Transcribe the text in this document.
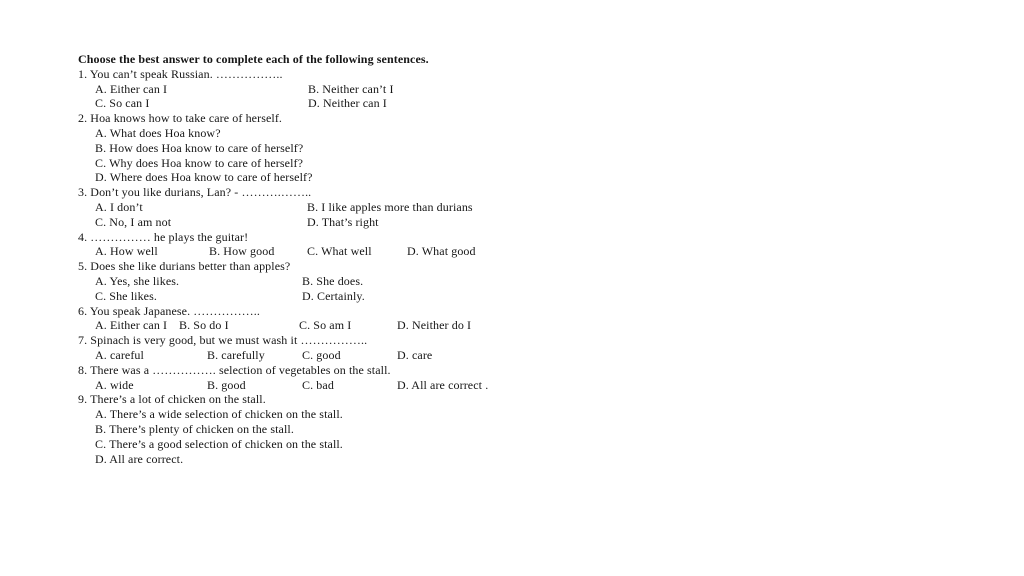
Choose the best answer to complete each of the following sentences.
1. You can’t speak Russian. ……………..
A. Either can I	B. Neither can’t I
C. So can I	D. Neither can I
2. Hoa knows how to take care of herself.
A. What does Hoa know?
B. How does Hoa know to care of herself?
C. Why does Hoa know to care of herself?
D. Where does Hoa know to care of herself?
3. Don’t you like durians, Lan? - ……….……..
A. I don’t	B. I like apples more than durians
C. No, I am not	D. That’s right
4. …………… he plays the guitar!
A. How well	B. How good	C. What well	D. What good
5. Does she like durians better than apples?
A. Yes, she likes.	B. She does.
C. She likes.	D. Certainly.
6. You speak Japanese. ……………..
A. Either can I B. So do I	C. So am I	D. Neither do I
7. Spinach is very good, but we must wash it ……………..
A. careful	B. carefully	C. good	D. care
8. There was a ……………. selection of vegetables on the stall.
A. wide	B. good	C. bad	D. All are correct .
9. There’s a lot of chicken on the stall.
A. There’s a wide selection of chicken on the stall.
B. There’s plenty of chicken on the stall.
C. There’s a good selection of chicken on the stall.
D. All are correct.
